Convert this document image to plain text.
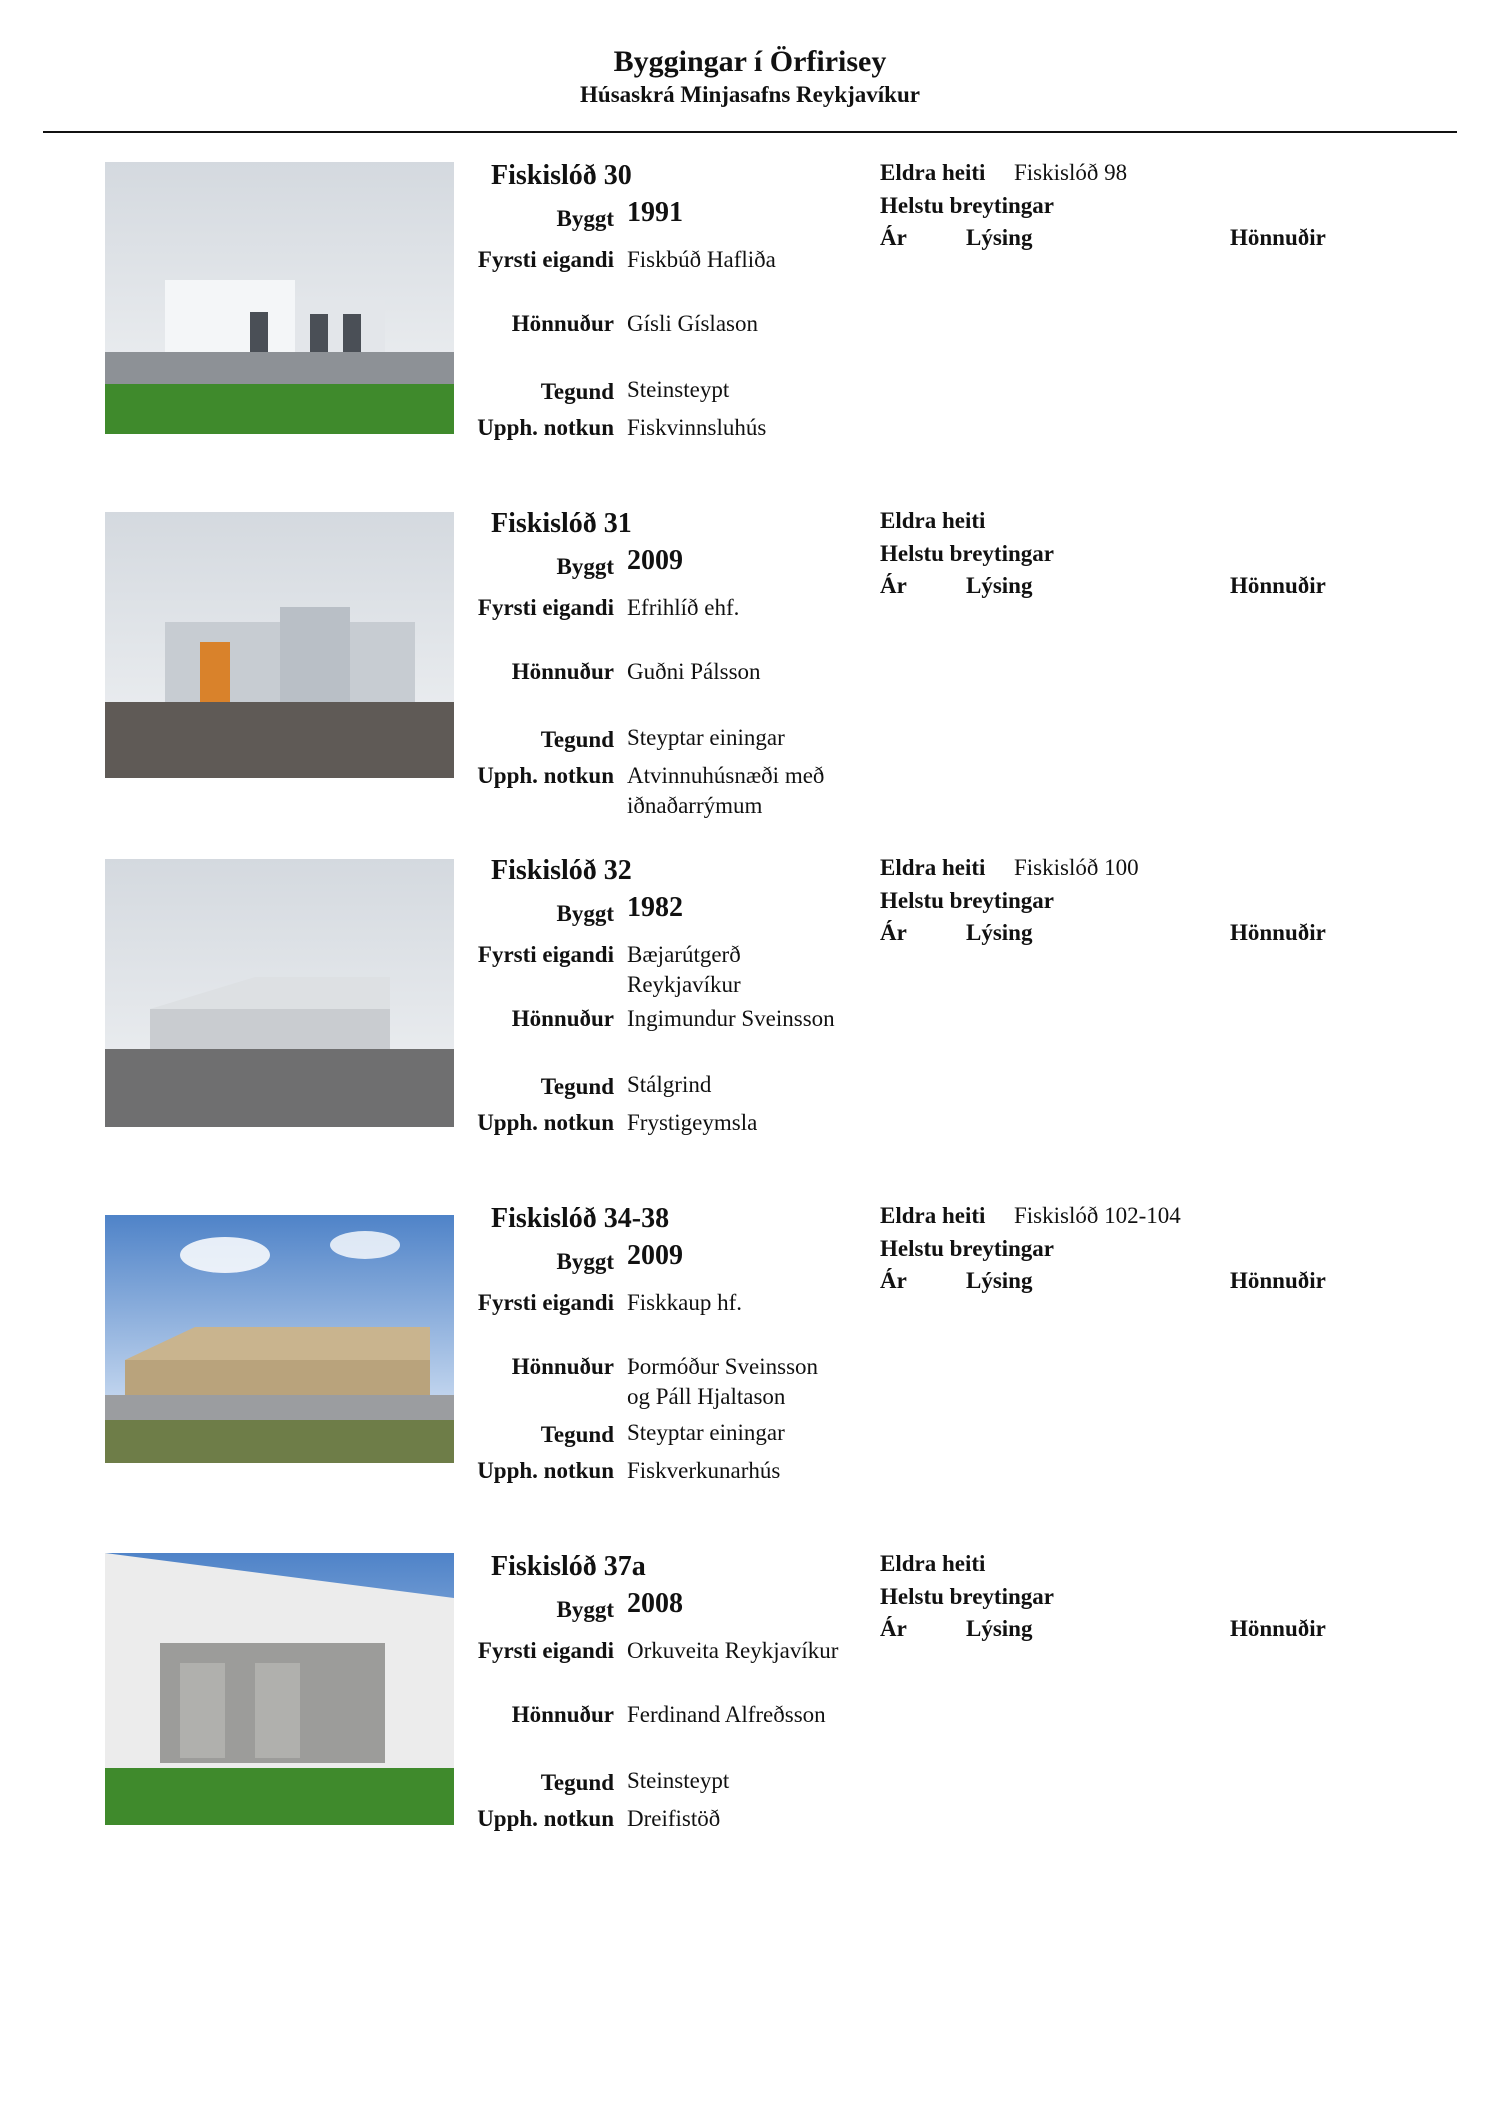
Byggingar í Örfirisey
Húsaskrá Minjasafns Reykjavíkur
Fiskislóð 30
Byggt 1991
Fyrsti eigandi Fiskbúð Hafliða
Hönnuður Gísli Gíslason
Tegund Steinsteypt
Upph. notkun Fiskvinnsluhús
Eldra heiti Fiskislóð 98
Helstu breytingar
Ár	Lýsing	Hönnuðir
Fiskislóð 31
Byggt 2009
Fyrsti eigandi Efrihlíð ehf.
Hönnuður Guðni Pálsson
Tegund Steyptar einingar
Upph. notkun Atvinnuhúsnæði með
iðnaðarrýmum
Eldra heiti
Helstu breytingar
Ár	Lýsing	Hönnuðir
Fiskislóð 32
Byggt 1982
Fyrsti eigandi Bæjarútgerð
Reykjavíkur
Hönnuður Ingimundur Sveinsson
Tegund Stálgrind
Upph. notkun Frystigeymsla
Eldra heiti Fiskislóð 100
Helstu breytingar
Ár	Lýsing	Hönnuðir
Fiskislóð 34-38
Byggt 2009
Fyrsti eigandi Fiskkaup hf.
Hönnuður Þormóður Sveinsson
og Páll Hjaltason
Tegund Steyptar einingar
Upph. notkun Fiskverkunarhús
Eldra heiti Fiskislóð 102-104
Helstu breytingar
Ár	Lýsing	Hönnuðir
Fiskislóð 37a
Byggt 2008
Fyrsti eigandi Orkuveita Reykjavíkur
Hönnuður Ferdinand Alfreðsson
Tegund Steinsteypt
Upph. notkun Dreifistöð
Eldra heiti
Helstu breytingar
Ár	Lýsing	Hönnuðir
